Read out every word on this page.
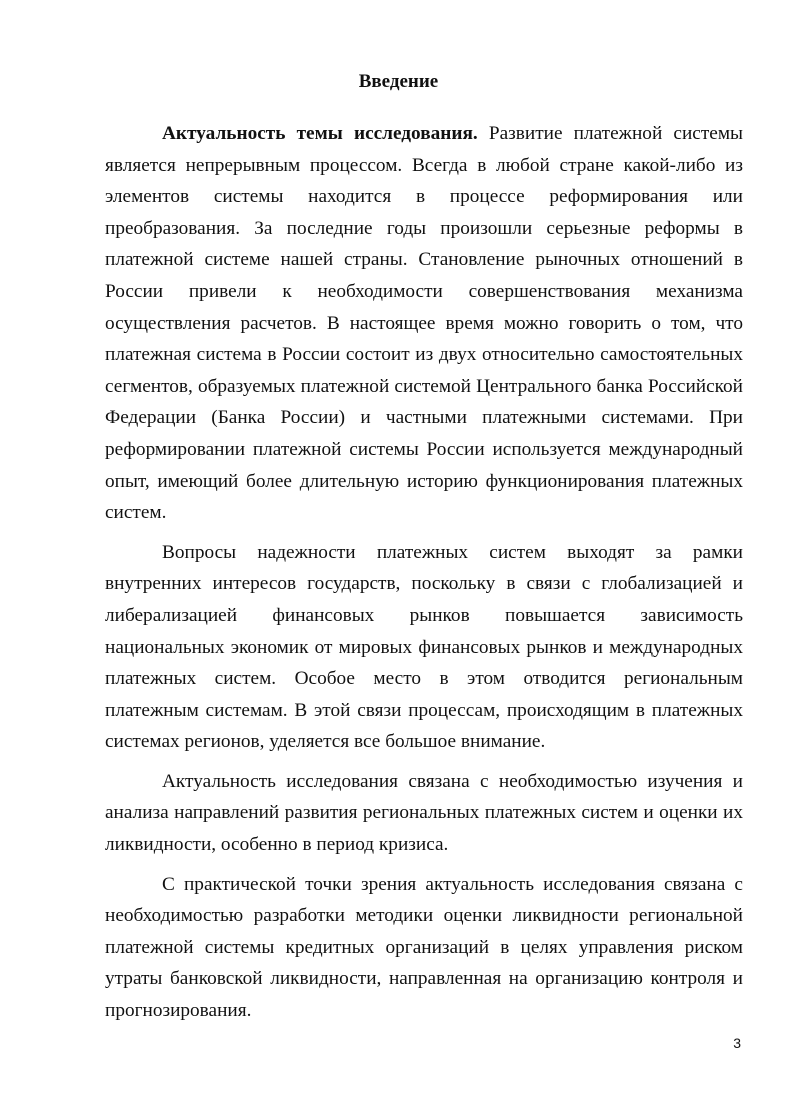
Введение

Актуальность темы исследования. Развитие платежной системы является непрерывным процессом. Всегда в любой стране какой-либо из элементов системы находится в процессе реформирования или преобразования. За последние годы произошли серьезные реформы в платежной системе нашей страны. Становление рыночных отношений в России привели к необходимости совершенствования механизма осуществления расчетов. В настоящее время можно говорить о том, что платежная система в России состоит из двух относительно самостоятельных сегментов, образуемых платежной системой Центрального банка Российской Федерации (Банка России) и частными платежными системами. При реформировании платежной системы России используется международный опыт, имеющий более длительную историю функционирования платежных систем.

Вопросы надежности платежных систем выходят за рамки внутренних интересов государств, поскольку в связи с глобализацией и либерализацией финансовых рынков повышается зависимость национальных экономик от мировых финансовых рынков и международных платежных систем. Особое место в этом отводится региональным платежным системам. В этой связи процессам, происходящим в платежных системах регионов, уделяется все большое внимание.

Актуальность исследования связана с необходимостью изучения и анализа направлений развития региональных платежных систем и оценки их ликвидности, особенно в период кризиса.

С практической точки зрения актуальность исследования связана с необходимостью разработки методики оценки ликвидности региональной платежной системы кредитных организаций в целях управления риском утраты банковской ликвидности, направленная на организацию контроля и прогнозирования.

3
